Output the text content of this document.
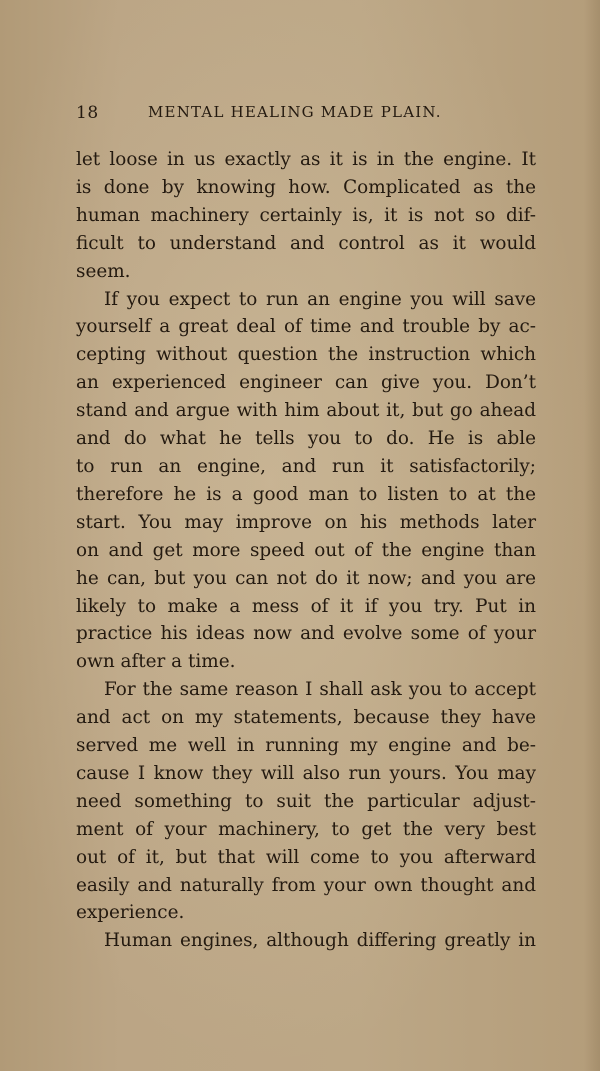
18	MENTAL HEALING MADE PLAIN.
let loose in us exactly as it is in the engine. It
is done by knowing how. Complicated as the
human machinery certainly is, it is not so dif-
ficult to understand and control as it would
seem.
If you expect to run an engine you will save
yourself a great deal of time and trouble by ac-
cepting without question the instruction which
an experienced engineer can give you. Don’t
stand and argue with him about it, but go ahead
and do what he tells you to do. He is able
to run an engine, and run it satisfactorily;
therefore he is a good man to listen to at the
start. You may improve on his methods later
on and get more speed out of the engine than
he can, but you can not do it now; and you are
likely to make a mess of it if you try. Put in
practice his ideas now and evolve some of your
own after a time.
For the same reason I shall ask you to accept
and act on my statements, because they have
served me well in running my engine and be-
cause I know they will also run yours. You may
need something to suit the particular adjust-
ment of your machinery, to get the very best
out of it, but that will come to you afterward
easily and naturally from your own thought and
experience.
Human engines, although differing greatly in
